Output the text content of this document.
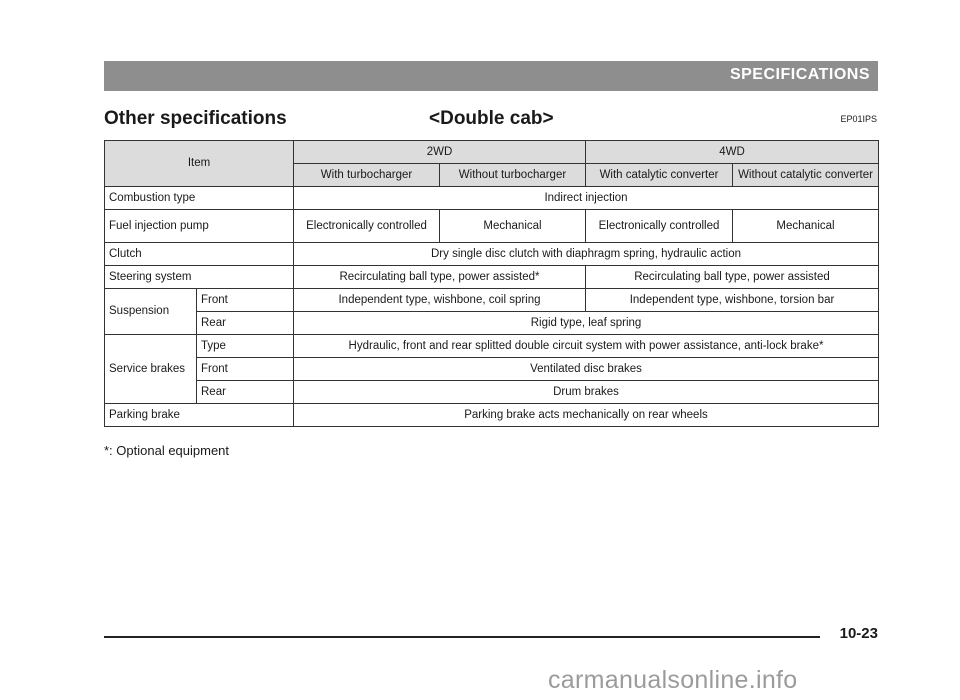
SPECIFICATIONS
Other specifications	<Double cab>	EP01IPS
Item		2WD		4WD	
		With turbocharger	Without turbocharger	With catalytic converter	Without catalytic converter
Combustion type		Indirect injection			
Fuel injection pump		Electronically controlled	Mechanical	Electronically controlled	Mechanical
Clutch		Dry single disc clutch with diaphragm spring, hydraulic action			
Steering system		Recirculating ball type, power assisted*		Recirculating ball type, power assisted	
Suspension	Front	Independent type, wishbone, coil spring		Independent type, wishbone, torsion bar	
	Rear	Rigid type, leaf spring			
Service brakes	Type	Hydraulic, front and rear splitted double circuit system with power assistance, anti-lock brake*			
	Front	Ventilated disc brakes			
	Rear	Drum brakes			
Parking brake		Parking brake acts mechanically on rear wheels			
*: Optional equipment
10-23
carmanualsonline.info
